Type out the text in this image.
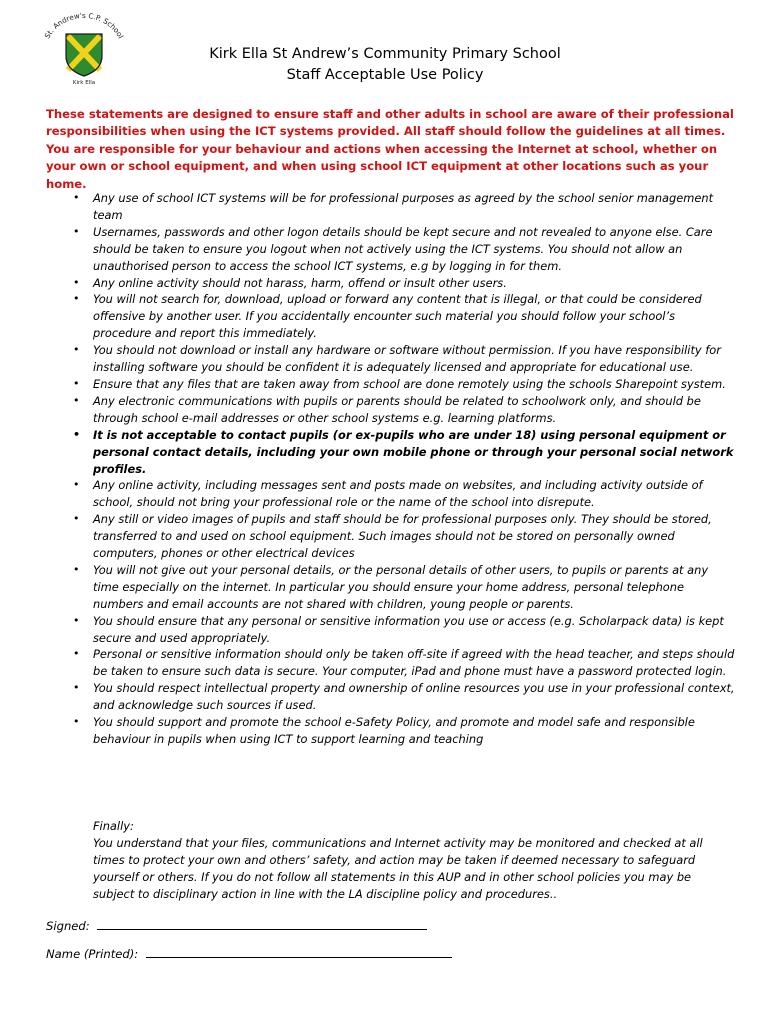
St. Andrew's C.P. School
Kirk Ella
Kirk Ella St Andrew’s Community Primary School
Staff Acceptable Use Policy
These statements are designed to ensure staff and other adults in school are aware of their professional responsibilities when using the ICT systems provided. All staff should follow the guidelines at all times. You are responsible for your behaviour and actions when accessing the Internet at school, whether on your own or school equipment, and when using school ICT equipment at other locations such as your home.
• Any use of school ICT systems will be for professional purposes as agreed by the school senior management team
• Usernames, passwords and other logon details should be kept secure and not revealed to anyone else. Care should be taken to ensure you logout when not actively using the ICT systems. You should not allow an unauthorised person to access the school ICT systems, e.g by logging in for them.
• Any online activity should not harass, harm, offend or insult other users.
• You will not search for, download, upload or forward any content that is illegal, or that could be considered offensive by another user. If you accidentally encounter such material you should follow your school’s procedure and report this immediately.
• You should not download or install any hardware or software without permission. If you have responsibility for installing software you should be confident it is adequately licensed and appropriate for educational use.
• Ensure that any files that are taken away from school are done remotely using the schools Sharepoint system.
• Any electronic communications with pupils or parents should be related to schoolwork only, and should be through school e-mail addresses or other school systems e.g. learning platforms.
• It is not acceptable to contact pupils (or ex-pupils who are under 18) using personal equipment or personal contact details, including your own mobile phone or through your personal social network profiles.
• Any online activity, including messages sent and posts made on websites, and including activity outside of school, should not bring your professional role or the name of the school into disrepute.
• Any still or video images of pupils and staff should be for professional purposes only. They should be stored, transferred to and used on school equipment. Such images should not be stored on personally owned computers, phones or other electrical devices
• You will not give out your personal details, or the personal details of other users, to pupils or parents at any time especially on the internet. In particular you should ensure your home address, personal telephone numbers and email accounts are not shared with children, young people or parents.
• You should ensure that any personal or sensitive information you use or access (e.g. Scholarpack data) is kept secure and used appropriately.
• Personal or sensitive information should only be taken off-site if agreed with the head teacher, and steps should be taken to ensure such data is secure. Your computer, iPad and phone must have a password protected login.
• You should respect intellectual property and ownership of online resources you use in your professional context, and acknowledge such sources if used.
• You should support and promote the school e-Safety Policy, and promote and model safe and responsible behaviour in pupils when using ICT to support learning and teaching
Finally:
You understand that your files, communications and Internet activity may be monitored and checked at all times to protect your own and others’ safety, and action may be taken if deemed necessary to safeguard yourself or others. If you do not follow all statements in this AUP and in other school policies you may be subject to disciplinary action in line with the LA discipline policy and procedures..
Signed:
Name (Printed):
